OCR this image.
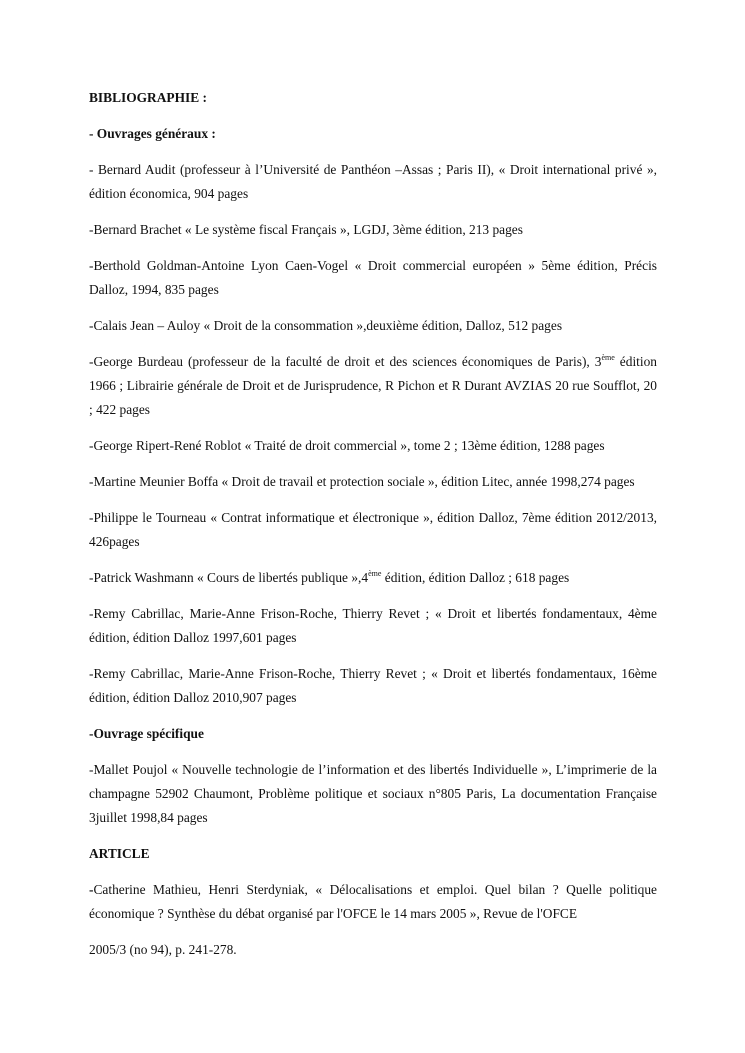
BIBLIOGRAPHIE :
- Ouvrages généraux :
- Bernard Audit (professeur à l’Université de Panthéon –Assas ; Paris II), « Droit international privé », édition économica, 904 pages
-Bernard Brachet « Le système fiscal Français », LGDJ, 3ème édition, 213 pages
-Berthold Goldman-Antoine Lyon Caen-Vogel « Droit commercial européen » 5ème édition, Précis Dalloz, 1994, 835 pages
-Calais Jean – Auloy « Droit de la consommation »,deuxième édition, Dalloz, 512 pages
-George Burdeau (professeur de la faculté de droit et des sciences économiques de Paris), 3ème édition 1966 ; Librairie générale de Droit et de Jurisprudence, R Pichon et R Durant AVZIAS 20 rue Soufflot, 20 ; 422 pages
-George Ripert-René Roblot « Traité de droit commercial », tome 2 ; 13ème édition, 1288 pages
-Martine Meunier Boffa « Droit de travail et protection sociale », édition Litec, année 1998,274 pages
-Philippe le Tourneau « Contrat informatique et électronique », édition Dalloz, 7ème édition 2012/2013, 426pages
-Patrick Washmann « Cours de libertés publique »,4ème édition, édition Dalloz ; 618 pages
-Remy Cabrillac, Marie-Anne Frison-Roche, Thierry Revet ; « Droit et libertés fondamentaux, 4ème édition, édition Dalloz 1997,601 pages
-Remy Cabrillac, Marie-Anne Frison-Roche, Thierry Revet ; « Droit et libertés fondamentaux, 16ème édition, édition Dalloz 2010,907 pages
-Ouvrage spécifique
-Mallet Poujol « Nouvelle technologie de l’information et des libertés Individuelle », L’imprimerie de la champagne 52902 Chaumont, Problème politique et sociaux n°805 Paris, La documentation Française 3juillet 1998,84 pages
ARTICLE
-Catherine Mathieu, Henri Sterdyniak, « Délocalisations et emploi. Quel bilan ? Quelle politique économique ? Synthèse du débat organisé par l'OFCE le 14 mars 2005 », Revue de l'OFCE
2005/3 (no 94), p. 241-278.
